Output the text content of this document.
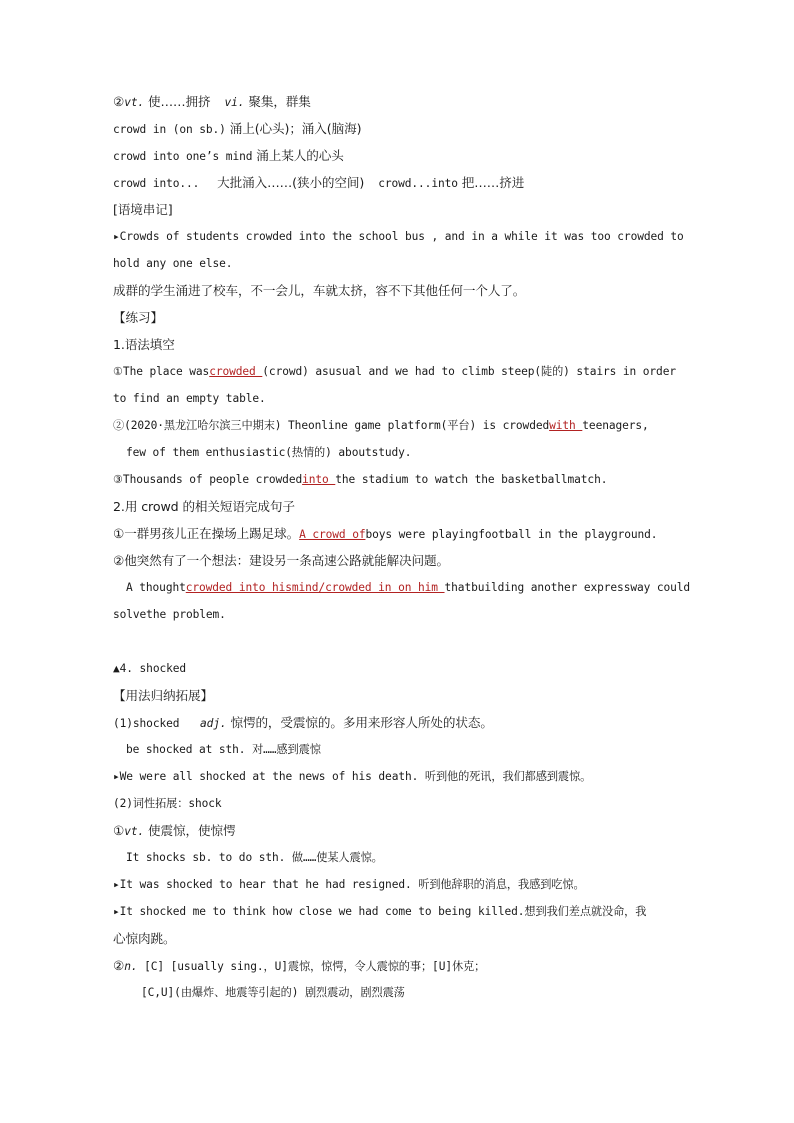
②vt. 使……拥挤 vi. 聚集，群集
crowd in (on sb.) 涌上(心头)；涌入(脑海)
crowd into one’s mind 涌上某人的心头
crowd into... 大批涌入……(狭小的空间) crowd...into 把……挤进
[语境串记]
▸Crowds of students crowded into the school bus , and in a while it was too crowded to
hold any one else.
成群的学生涌进了校车，不一会儿，车就太挤，容不下其他任何一个人了。
【练习】
1.语法填空
①The place wascrowded (crowd) asusual and we had to climb steep(陡的) stairs in order
to find an empty table.
②(2020·黑龙江哈尔滨三中期末) Theonline game platform(平台) is crowdedwith teenagers,
few of them enthusiastic(热情的) aboutstudy.
③Thousands of people crowdedinto the stadium to watch the basketballmatch.
2.用 crowd 的相关短语完成句子
①一群男孩儿正在操场上踢足球。A crowd ofboys were playingfootball in the playground.
②他突然有了一个想法：建设另一条高速公路就能解决问题。
A thoughtcrowded into hismind/crowded in on him thatbuilding another expressway could
solvethe problem.
▲4. shocked
【用法归纳拓展】
(1)shocked adj. 惊愕的，受震惊的。多用来形容人所处的状态。
be shocked at sth. 对……感到震惊
▸We were all shocked at the news of his death. 听到他的死讯，我们都感到震惊。
(2)词性拓展：shock
①vt. 使震惊，使惊愕
It shocks sb. to do sth. 做……使某人震惊。
▸It was shocked to hear that he had resigned. 听到他辞职的消息，我感到吃惊。
▸It shocked me to think how close we had come to being killed.想到我们差点就没命，我
心惊肉跳。
②n. [C] [usually sing.，U]震惊，惊愕，令人震惊的事；[U]休克；
[C,U](由爆炸、地震等引起的) 剧烈震动，剧烈震荡
